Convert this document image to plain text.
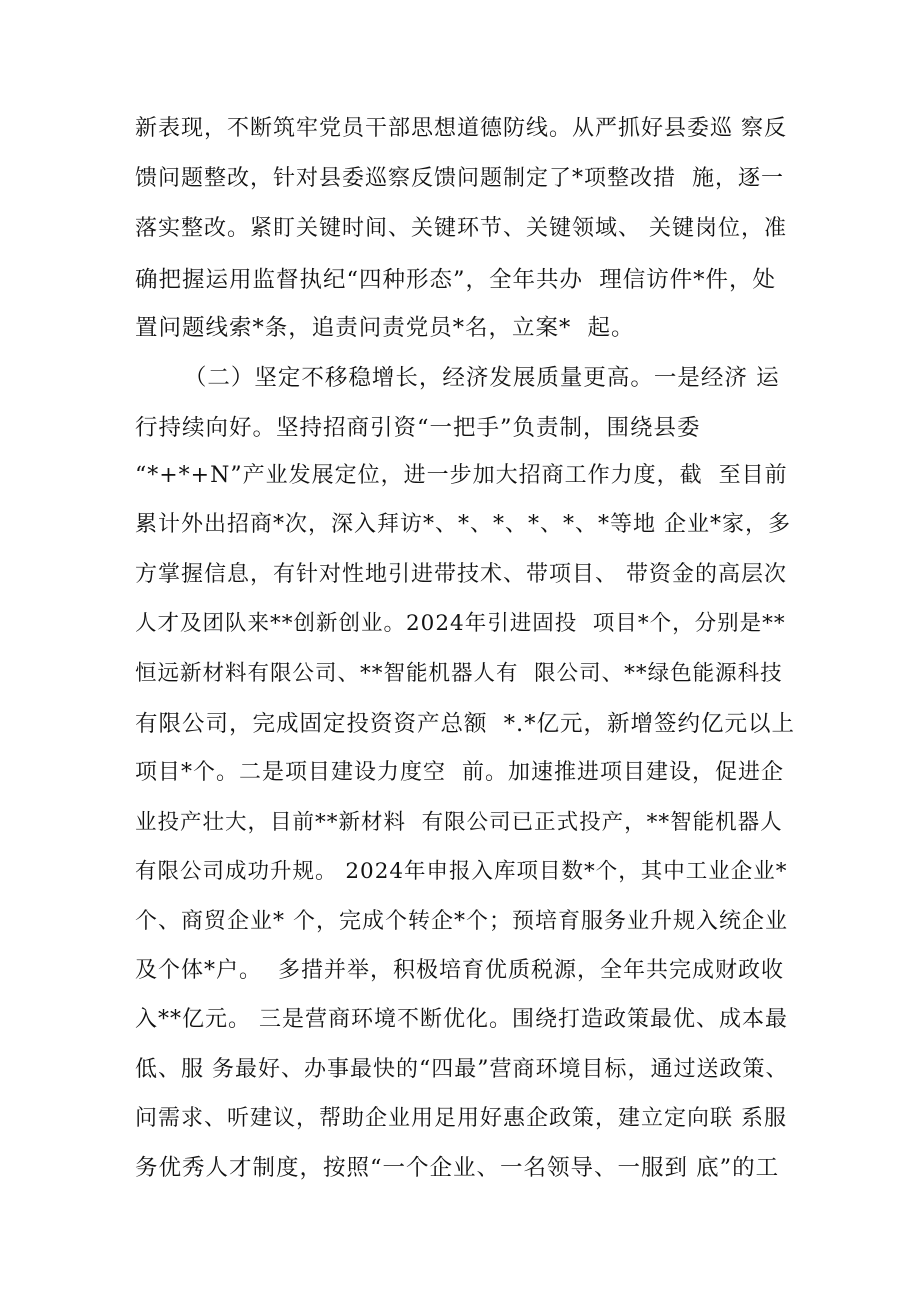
新表现，不断筑牢党员干部思想道德防线。从严抓好县委巡 察反
馈问题整改，针对县委巡察反馈问题制定了*项整改措  施，逐一
落实整改。紧盯关键时间、关键环节、关键领域、 关键岗位，准
确把握运用监督执纪“四种形态”，全年共办  理信访件*件，处
置问题线索*条，追责问责党员*名，立案*  起。
（二）坚定不移稳增长，经济发展质量更高。一是经济 运
行持续向好。坚持招商引资“一把手”负责制，围绕县委
“*+*+N”产业发展定位，进一步加大招商工作力度，截  至目前
累计外出招商*次，深入拜访*、*、*、*、*、*等地 企业*家，多
方掌握信息，有针对性地引进带技术、带项目、 带资金的高层次
人才及团队来**创新创业。2024年引进固投  项目*个，分别是**
恒远新材料有限公司、**智能机器人有  限公司、**绿色能源科技
有限公司，完成固定投资资产总额  *.*亿元，新增签约亿元以上
项目*个。二是项目建设力度空  前。加速推进项目建设，促进企
业投产壮大，目前**新材料  有限公司已正式投产，**智能机器人
有限公司成功升规。 2024年申报入库项目数*个，其中工业企业*
个、商贸企业* 个，完成个转企*个；预培育服务业升规入统企业
及个体*户。  多措并举，积极培育优质税源，全年共完成财政收
入**亿元。 三是营商环境不断优化。围绕打造政策最优、成本最
低、服 务最好、办事最快的“四最”营商环境目标，通过送政策、
问需求、听建议，帮助企业用足用好惠企政策，建立定向联 系服
务优秀人才制度，按照“一个企业、一名领导、一服到 底”的工
